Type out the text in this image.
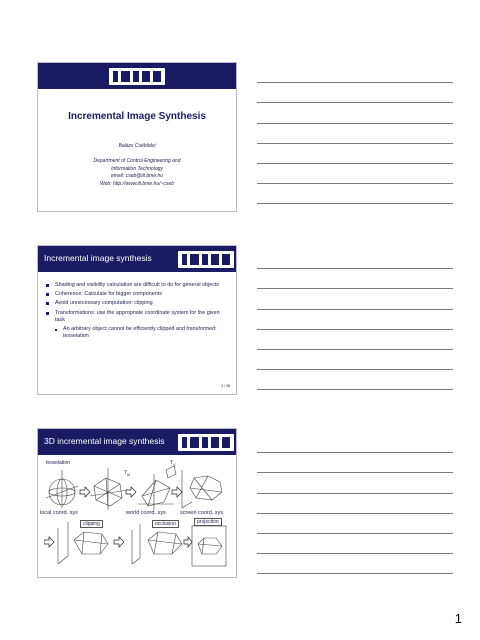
Incremental Image Synthesis
Balázs Csébfalvi
Department of Control Engineering and
Information Technology
email: cseb@iit.bme.hu
Web: http://www.iit.bme.hu/~cseb
Incremental image synthesis
Shading and visibility calculation are difficult to do for general objects
Coherence: Calculate for bigger components
Avoid unnecessary computation: clipping
Transformations: use the appropriate coordinate system for the given task
An arbitrary object cannot be efficiently clipped and transformed: tesselation
2 / 38
3D incremental image synthesis
tesselation
local coord. sys	world coord. sys	screen coord. sys
clipping	occlusion	projection
$T_M$
$T_V$
1
